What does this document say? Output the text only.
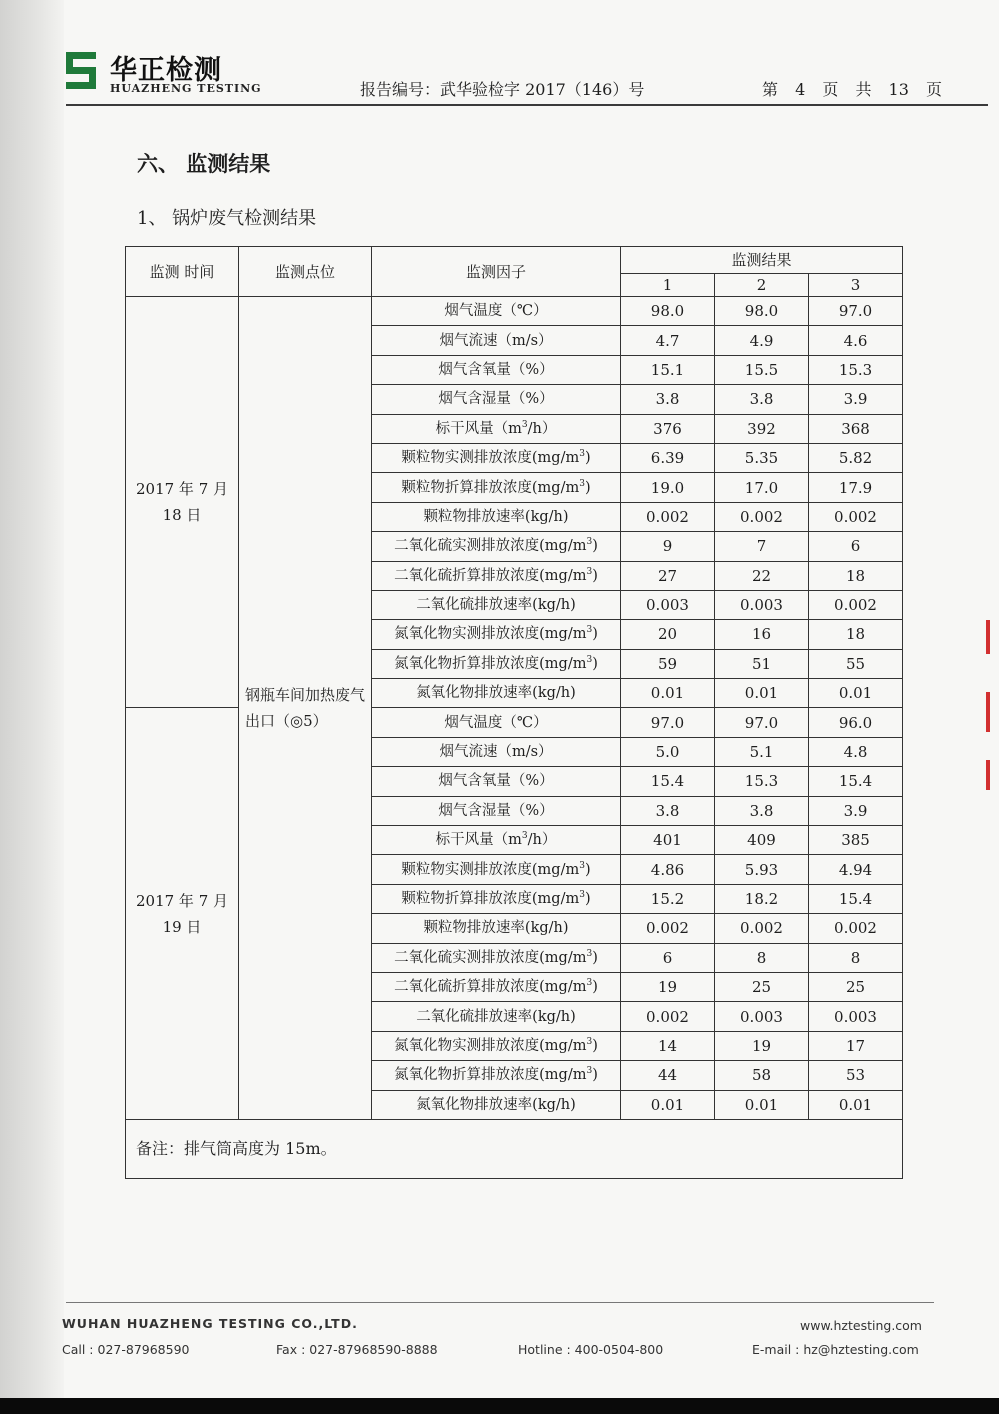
华正检测
HUAZHENG TESTING	报告编号：武华验检字 2017（146）号	第 4 页 共 13 页
六、 监测结果
1、 锅炉废气检测结果
监测 时间	监测点位	监测因子	监测结果		
			1	2	3
2017 年 7 月 18 日	钢瓶车间加热废气出口（◎5）	烟气温度（℃）	98.0	98.0	97.0
		烟气流速（m/s）	4.7	4.9	4.6
		烟气含氧量（%）	15.1	15.5	15.3
		烟气含湿量（%）	3.8	3.8	3.9
		标干风量$(m^3/h)$	376	392	368
		颗粒物实测排放浓度$(mg/m^3)$	6.39	5.35	5.82
		颗粒物折算排放浓度$(mg/m^3)$	19.0	17.0	17.9
		颗粒物排放速率(kg/h)	0.002	0.002	0.002
		二氧化硫实测排放浓度$(mg/m^3)$	9	7	6
		二氧化硫折算排放浓度$(mg/m^3)$	27	22	18
		二氧化硫排放速率(kg/h)	0.003	0.003	0.002
		氮氧化物实测排放浓度$(mg/m^3)$	20	16	18
		氮氧化物折算排放浓度$(mg/m^3)$	59	51	55
		氮氧化物排放速率(kg/h)	0.01	0.01	0.01
2017 年 7 月 19 日		烟气温度（℃）	97.0	97.0	96.0
		烟气流速（m/s）	5.0	5.1	4.8
		烟气含氧量（%）	15.4	15.3	15.4
		烟气含湿量（%）	3.8	3.8	3.9
		标干风量$(m^3/h)$	401	409	385
		颗粒物实测排放浓度$(mg/m^3)$	4.86	5.93	4.94
		颗粒物折算排放浓度$(mg/m^3)$	15.2	18.2	15.4
		颗粒物排放速率(kg/h)	0.002	0.002	0.002
		二氧化硫实测排放浓度$(mg/m^3)$	6	8	8
		二氧化硫折算排放浓度$(mg/m^3)$	19	25	25
		二氧化硫排放速率(kg/h)	0.002	0.003	0.003
		氮氧化物实测排放浓度$(mg/m^3)$	14	19	17
		氮氧化物折算排放浓度$(mg/m^3)$	44	58	53
		氮氧化物排放速率(kg/h)	0.01	0.01	0.01
备注：排气筒高度为 15m。					
WUHAN HUAZHENG TESTING CO.,LTD.	www.hztesting.com
Call : 027-87968590	Fax : 027-87968590-8888	Hotline : 400-0504-800	E-mail : hz@hztesting.com
